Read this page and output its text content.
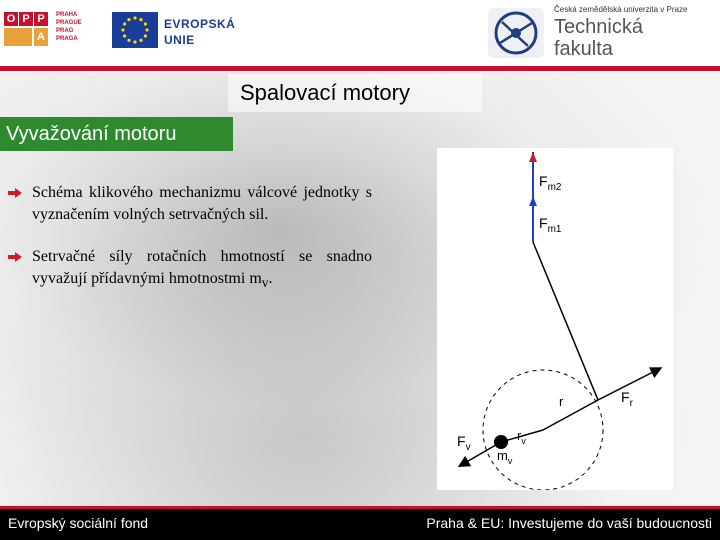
O P P
A
PRAHA
PRAGUE
PRAG
PRAGA
EVROPSKÁ
UNIE
Česká zemědělská univerzita v Praze
Technická
fakulta
Spalovací motory
Vyvažování motoru
Schéma klikového mechanizmu válcové jednotky s vyznačením volných setrvačných sil.
Setrvačné síly rotačních hmotností se snadno vyvažují přídavnými hmotnostmi $m_v$.
$F_{m2}$
$F_{m1}$
r	$F_r$
$r_v$
$F_v$
$m_v$
Evropský sociální fond	Praha & EU: Investujeme do vaší budoucnosti
